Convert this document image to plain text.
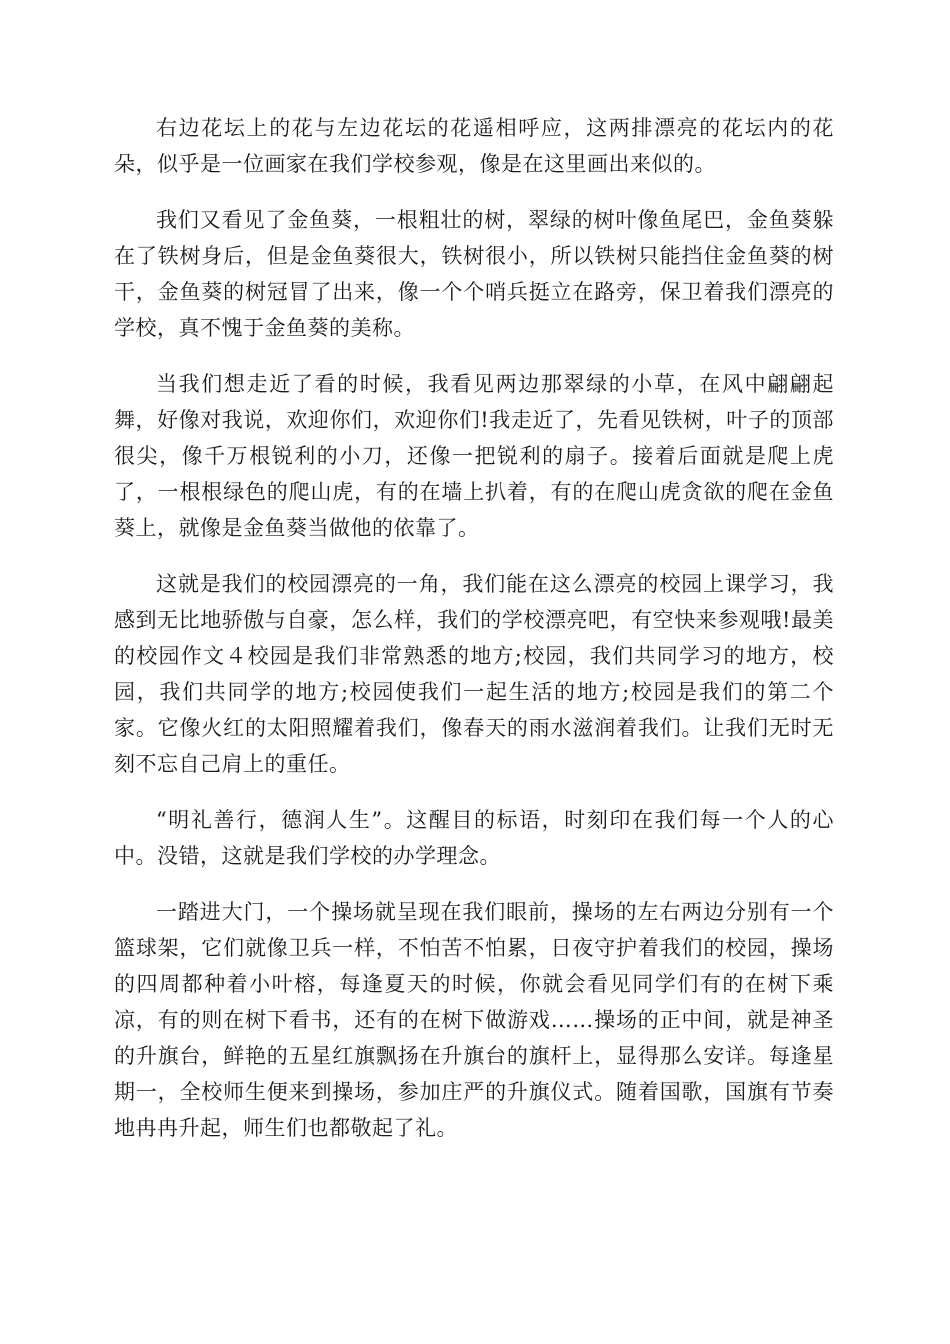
右边花坛上的花与左边花坛的花遥相呼应，这两排漂亮的花坛内的花朵，似乎是一位画家在我们学校参观，像是在这里画出来似的。

我们又看见了金鱼葵，一根粗壮的树，翠绿的树叶像鱼尾巴，金鱼葵躲在了铁树身后，但是金鱼葵很大，铁树很小，所以铁树只能挡住金鱼葵的树干，金鱼葵的树冠冒了出来，像一个个哨兵挺立在路旁，保卫着我们漂亮的学校，真不愧于金鱼葵的美称。

当我们想走近了看的时候，我看见两边那翠绿的小草，在风中翩翩起舞，好像对我说，欢迎你们，欢迎你们!我走近了，先看见铁树，叶子的顶部很尖，像千万根锐利的小刀，还像一把锐利的扇子。接着后面就是爬上虎了，一根根绿色的爬山虎，有的在墙上扒着，有的在爬山虎贪欲的爬在金鱼葵上，就像是金鱼葵当做他的依靠了。

这就是我们的校园漂亮的一角，我们能在这么漂亮的校园上课学习，我感到无比地骄傲与自豪，怎么样，我们的学校漂亮吧，有空快来参观哦!最美的校园作文４校园是我们非常熟悉的地方;校园，我们共同学习的地方，校园，我们共同学的地方;校园使我们一起生活的地方;校园是我们的第二个家。它像火红的太阳照耀着我们，像春天的雨水滋润着我们。让我们无时无刻不忘自己肩上的重任。

“明礼善行，德润人生”。这醒目的标语，时刻印在我们每一个人的心中。没错，这就是我们学校的办学理念。

一踏进大门，一个操场就呈现在我们眼前，操场的左右两边分别有一个篮球架，它们就像卫兵一样，不怕苦不怕累，日夜守护着我们的校园，操场的四周都种着小叶榕，每逢夏天的时候，你就会看见同学们有的在树下乘凉，有的则在树下看书，还有的在树下做游戏……操场的正中间，就是神圣的升旗台，鲜艳的五星红旗飘扬在升旗台的旗杆上，显得那么安详。每逢星期一，全校师生便来到操场，参加庄严的升旗仪式。随着国歌，国旗有节奏地冉冉升起，师生们也都敬起了礼。
